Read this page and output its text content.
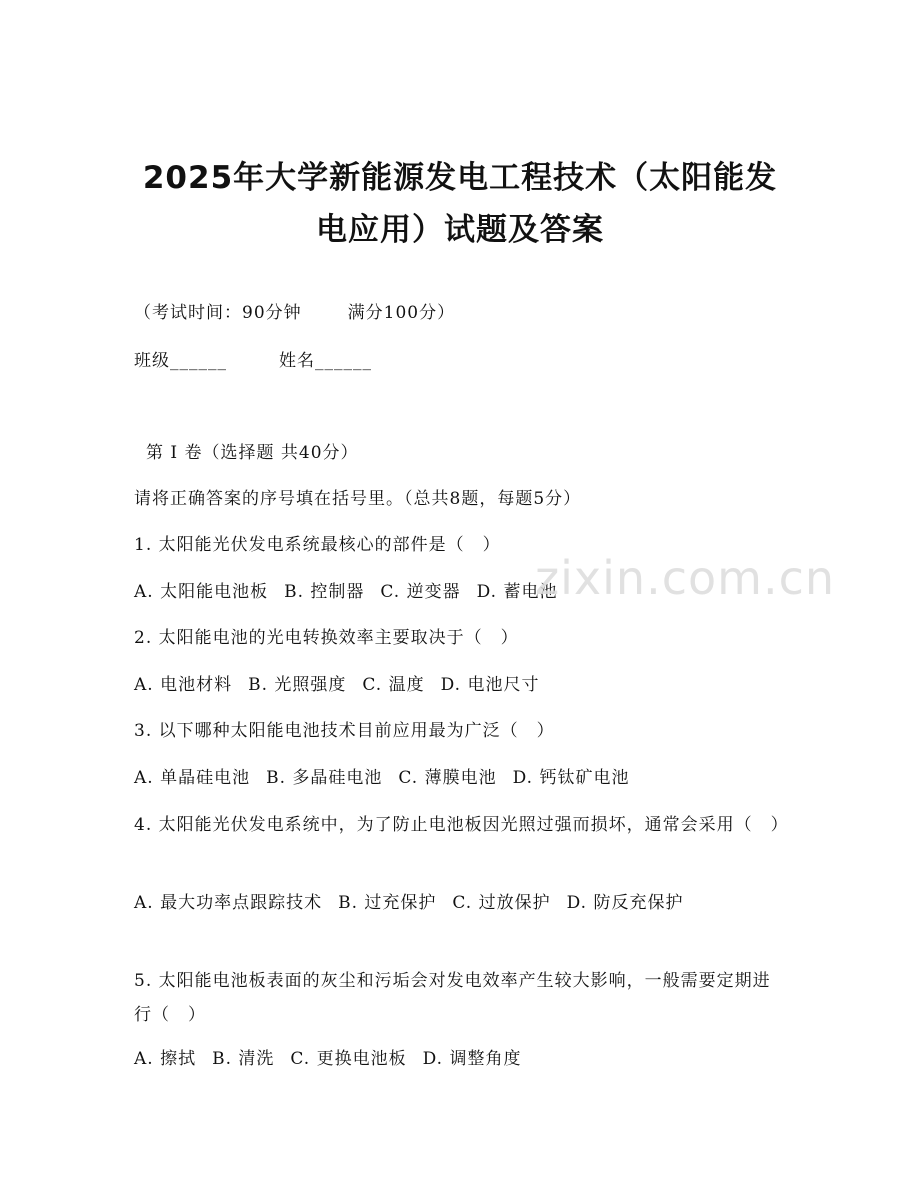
2025年大学新能源发电工程技术（太阳能发
电应用）试题及答案
（考试时间：90分钟	满分100分）
班级______	姓名______
第 I 卷（选择题 共40分）
请将正确答案的序号填在括号里。（总共8题，每题5分）
1. 太阳能光伏发电系统最核心的部件是（　）
A. 太阳能电池板 B. 控制器 C. 逆变器 D. 蓄电池
2. 太阳能电池的光电转换效率主要取决于（　）
A. 电池材料 B. 光照强度 C. 温度 D. 电池尺寸
3. 以下哪种太阳能电池技术目前应用最为广泛（　）
A. 单晶硅电池 B. 多晶硅电池 C. 薄膜电池 D. 钙钛矿电池
4. 太阳能光伏发电系统中，为了防止电池板因光照过强而损坏，通常会采用（　）
A. 最大功率点跟踪技术 B. 过充保护 C. 过放保护 D. 防反充保护
5. 太阳能电池板表面的灰尘和污垢会对发电效率产生较大影响，一般需要定期进行（　）
A. 擦拭 B. 清洗 C. 更换电池板 D. 调整角度
zixin.com.cn
